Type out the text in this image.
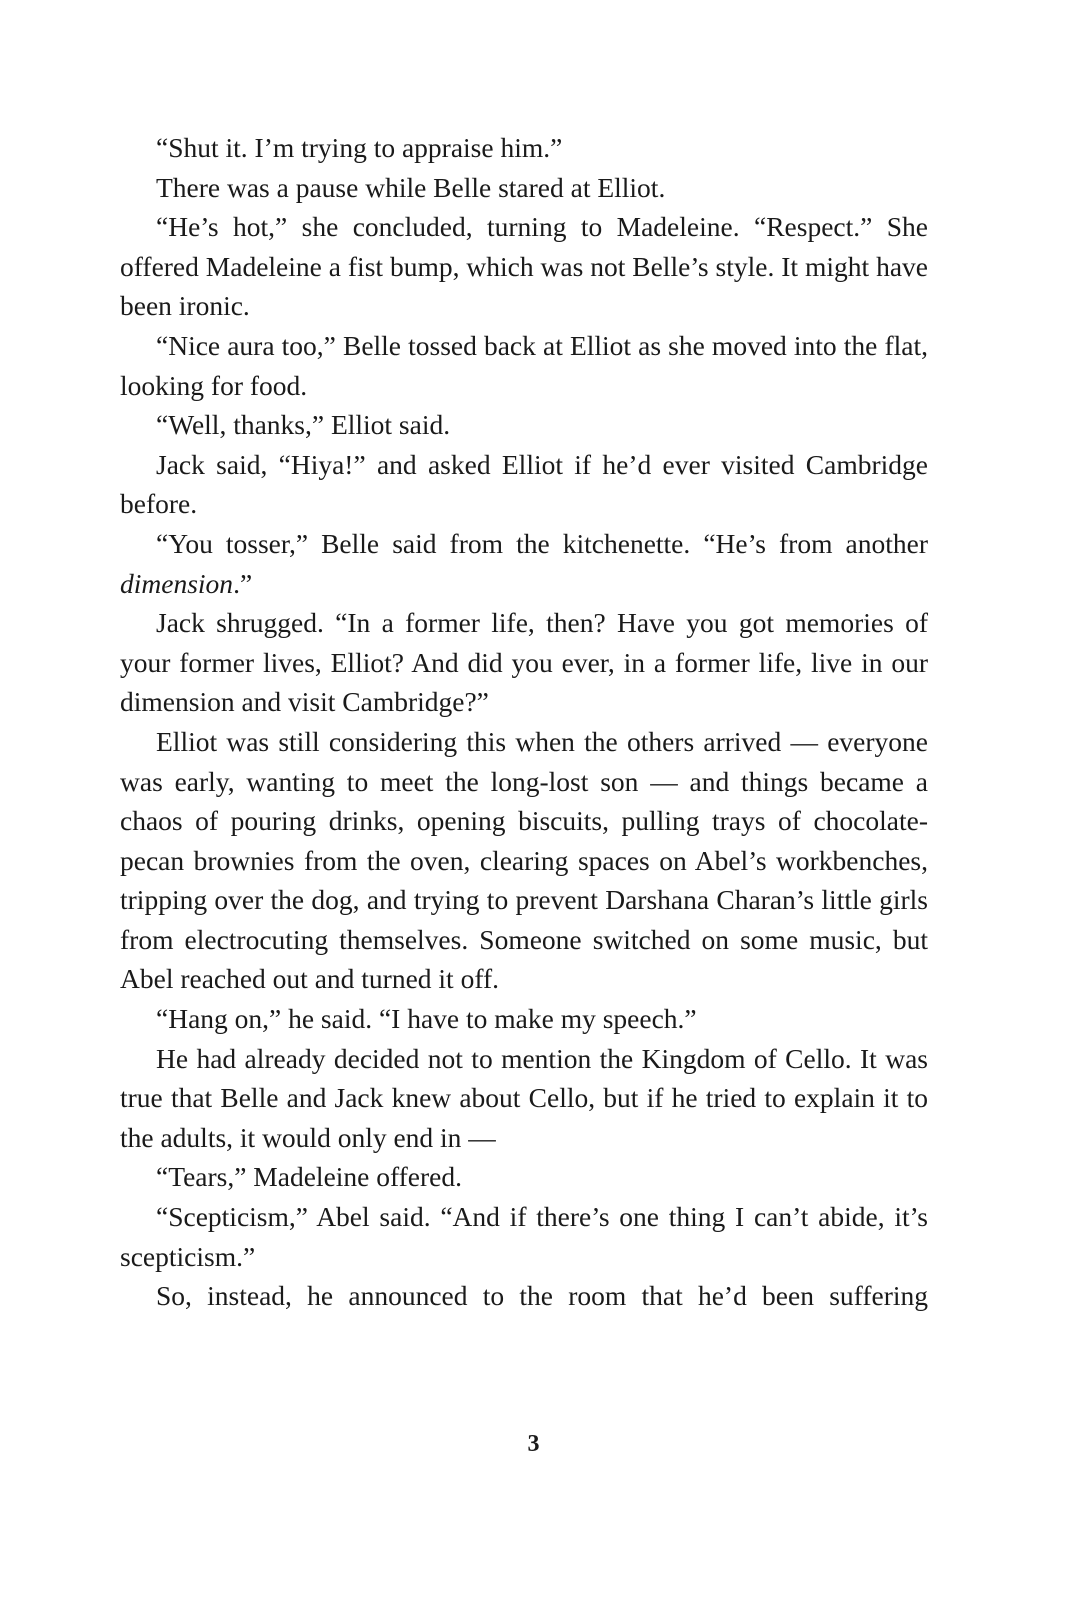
“Shut it. I’m trying to appraise him.”

There was a pause while Belle stared at Elliot.

“He’s hot,” she concluded, turning to Madeleine. “Respect.” She offered Madeleine a fist bump, which was not Belle’s style. It might have been ironic.

“Nice aura too,” Belle tossed back at Elliot as she moved into the flat, looking for food.

“Well, thanks,” Elliot said.

Jack said, “Hiya!” and asked Elliot if he’d ever visited Cambridge before.

“You tosser,” Belle said from the kitchenette. “He’s from another dimension.”

Jack shrugged. “In a former life, then? Have you got memories of your former lives, Elliot? And did you ever, in a former life, live in our dimension and visit Cambridge?”

Elliot was still considering this when the others arrived — everyone was early, wanting to meet the long-lost son — and things became a chaos of pouring drinks, opening biscuits, pulling trays of chocolate-pecan brownies from the oven, clearing spaces on Abel’s workbenches, tripping over the dog, and trying to prevent Darshana Charan’s little girls from electrocuting themselves. Someone switched on some music, but Abel reached out and turned it off.

“Hang on,” he said. “I have to make my speech.”

He had already decided not to mention the Kingdom of Cello. It was true that Belle and Jack knew about Cello, but if he tried to explain it to the adults, it would only end in —

“Tears,” Madeleine offered.

“Scepticism,” Abel said. “And if there’s one thing I can’t abide, it’s scepticism.”

So, instead, he announced to the room that he’d been suffering

3
